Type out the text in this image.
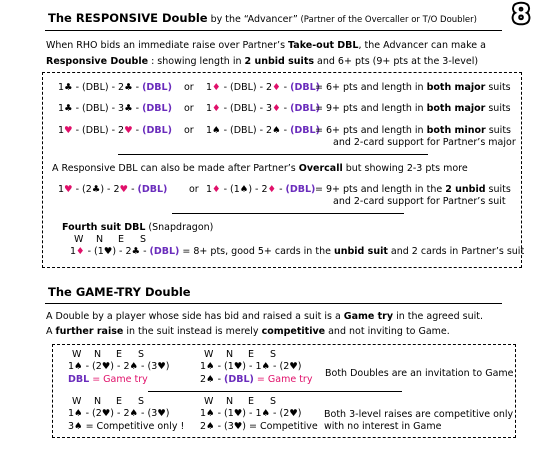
8
The RESPONSIVE Double by the “Advancer” (Partner of the Overcaller or T/O Doubler)
When RHO bids an immediate raise over Partner’s Take-out DBL, the Advancer can make a
Responsive Double : showing length in 2 unbid suits and 6+ pts (9+ pts at the 3-level)
1♣ - (DBL) - 2♣ - (DBL) or 1♦ - (DBL) - 2♦ - (DBL)
= 6+ pts and length in both major suits
1♣ - (DBL) - 3♣ - (DBL) or 1♦ - (DBL) - 3♦ - (DBL)
= 9+ pts and length in both major suits
1♥ - (DBL) - 2♥ - (DBL) or 1♠ - (DBL) - 2♠ - (DBL)
= 6+ pts and length in both minor suits
and 2-card support for Partner’s major
A Responsive DBL can also be made after Partner’s Overcall but showing 2-3 pts more
1♥ - (2♣) - 2♥ - (DBL) or 1♦ - (1♠) - 2♦ - (DBL) = 9+ pts and length in the 2 unbid suits
and 2-card support for Partner’s suit
Fourth suit DBL (Snapdragon)
W N E S
1♦ - (1♥) - 2♣ - (DBL) = 8+ pts, good 5+ cards in the unbid suit and 2 cards in Partner’s suit
The GAME-TRY Double
A Double by a player whose side has bid and raised a suit is a Game try in the agreed suit.
A further raise in the suit instead is merely competitive and not inviting to Game.
W N E S
1♠ - (2♥) - 2♠ - (3♥)
DBL = Game try
W N E S
1♠ - (1♥) - 1♠ - (2♥)
2♠ - (DBL) = Game try
Both Doubles are an invitation to Game
W N E S
1♠ - (2♥) - 2♠ - (3♥)
3♠ = Competitive only !
W N E S
1♠ - (1♥) - 1♠ - (2♥)
2♠ - (3♥) = Competitive
Both 3-level raises are competitive only
with no interest in Game
